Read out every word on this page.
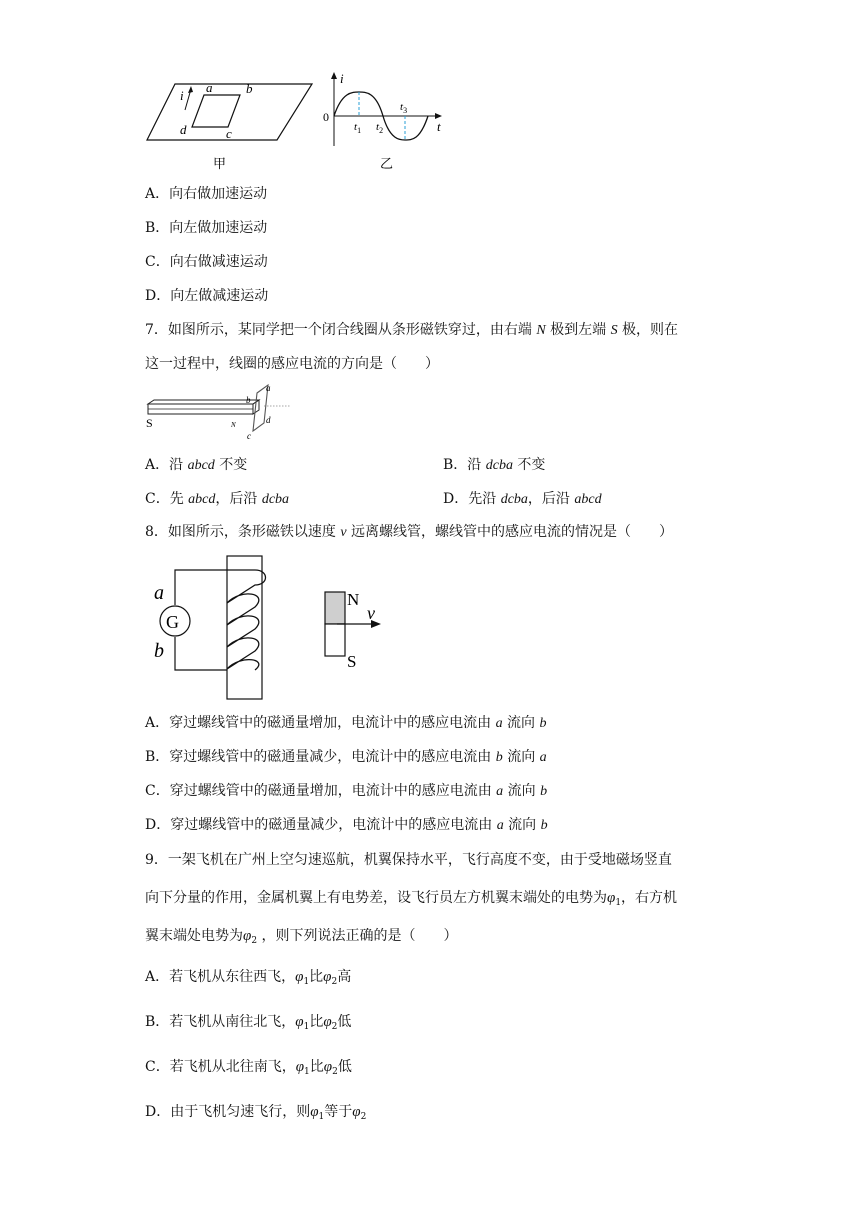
i
a	b
c
d
甲
i
t
0
$t_1$ $t_2$
$t_3$
乙
A．向右做加速运动
B．向左做加速运动
C．向右做减速运动
D．向左做减速运动
7．如图所示，某同学把一个闭合线圈从条形磁铁穿过，由右端 N 极到左端 S 极，则在
这一过程中，线圈的感应电流的方向是（　　）
S	N
a
b
c
d
A．沿 abcd 不变	B．沿 dcba 不变
C．先 abcd，后沿 dcba	D．先沿 dcba，后沿 abcd
8．如图所示，条形磁铁以速度 v 远离螺线管，螺线管中的感应电流的情况是（　　）
G
a
b
N
S
v
A．穿过螺线管中的磁通量增加，电流计中的感应电流由 a 流向 b
B．穿过螺线管中的磁通量减少，电流计中的感应电流由 b 流向 a
C．穿过螺线管中的磁通量增加，电流计中的感应电流由 a 流向 b
D．穿过螺线管中的磁通量减少，电流计中的感应电流由 a 流向 b
9．一架飞机在广州上空匀速巡航，机翼保持水平，飞行高度不变，由于受地磁场竖直
向下分量的作用，金属机翼上有电势差，设飞行员左方机翼末端处的电势为$\varphi_1$，右方机
翼末端处电势为$\varphi_2$ ，则下列说法正确的是（　　）
A．若飞机从东往西飞，$\varphi_1$比$\varphi_2$高
B．若飞机从南往北飞，$\varphi_1$比$\varphi_2$低
C．若飞机从北往南飞，$\varphi_1$比$\varphi_2$低
D．由于飞机匀速飞行，则$\varphi_1$等于$\varphi_2$
